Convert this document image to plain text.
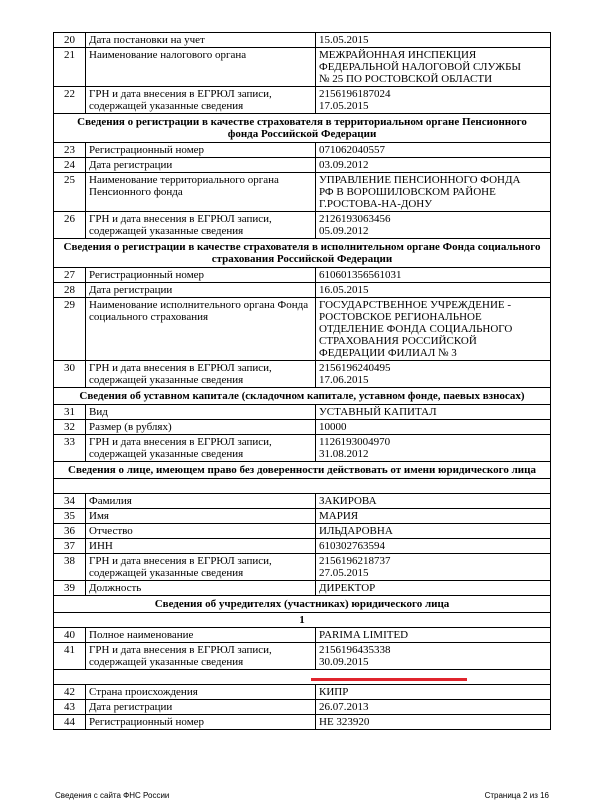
20	Дата постановки на учет	15.05.2015
21	Наименование налогового органа	МЕЖРАЙОННАЯ ИНСПЕКЦИЯ
ФЕДЕРАЛЬНОЙ НАЛОГОВОЙ СЛУЖБЫ
№ 25 ПО РОСТОВСКОЙ ОБЛАСТИ
22	ГРН и дата внесения в ЕГРЮЛ записи, содержащей указанные сведения	2156196187024
17.05.2015
Сведения о регистрации в качестве страхователя в территориальном органе Пенсионного фонда Российской Федерации		
23	Регистрационный номер	071062040557
24	Дата регистрации	03.09.2012
25	Наименование территориального органа Пенсионного фонда	УПРАВЛЕНИЕ ПЕНСИОННОГО ФОНДА
РФ В ВОРОШИЛОВСКОМ РАЙОНЕ
Г.РОСТОВА-НА-ДОНУ
26	ГРН и дата внесения в ЕГРЮЛ записи, содержащей указанные сведения	2126193063456
05.09.2012
Сведения о регистрации в качестве страхователя в исполнительном органе Фонда социального страхования Российской Федерации		
27	Регистрационный номер	610601356561031
28	Дата регистрации	16.05.2015
29	Наименование исполнительного органа Фонда социального страхования	ГОСУДАРСТВЕННОЕ УЧРЕЖДЕНИЕ -
РОСТОВСКОЕ РЕГИОНАЛЬНОЕ
ОТДЕЛЕНИЕ ФОНДА СОЦИАЛЬНОГО
СТРАХОВАНИЯ РОССИЙСКОЙ
ФЕДЕРАЦИИ ФИЛИАЛ № 3
30	ГРН и дата внесения в ЕГРЮЛ записи, содержащей указанные сведения	2156196240495
17.06.2015
Сведения об уставном капитале (складочном капитале, уставном фонде, паевых взносах)		
31	Вид	УСТАВНЫЙ КАПИТАЛ
32	Размер (в рублях)	10000
33	ГРН и дата внесения в ЕГРЮЛ записи, содержащей указанные сведения	1126193004970
31.08.2012
Сведения о лице, имеющем право без доверенности действовать от имени юридического лица		

34	Фамилия	ЗАКИРОВА
35	Имя	МАРИЯ
36	Отчество	ИЛЬДАРОВНА
37	ИНН	610302763594
38	ГРН и дата внесения в ЕГРЮЛ записи, содержащей указанные сведения	2156196218737
27.05.2015
39	Должность	ДИРЕКТОР
Сведения об учредителях (участниках) юридического лица		
1		
40	Полное наименование	PARIMA LIMITED
41	ГРН и дата внесения в ЕГРЮЛ записи, содержащей указанные сведения	2156196435338
30.09.2015

42	Страна происхождения	КИПР
43	Дата регистрации	26.07.2013
44	Регистрационный номер	HE 323920
Сведения с сайта ФНС России	Страница 2 из 16
